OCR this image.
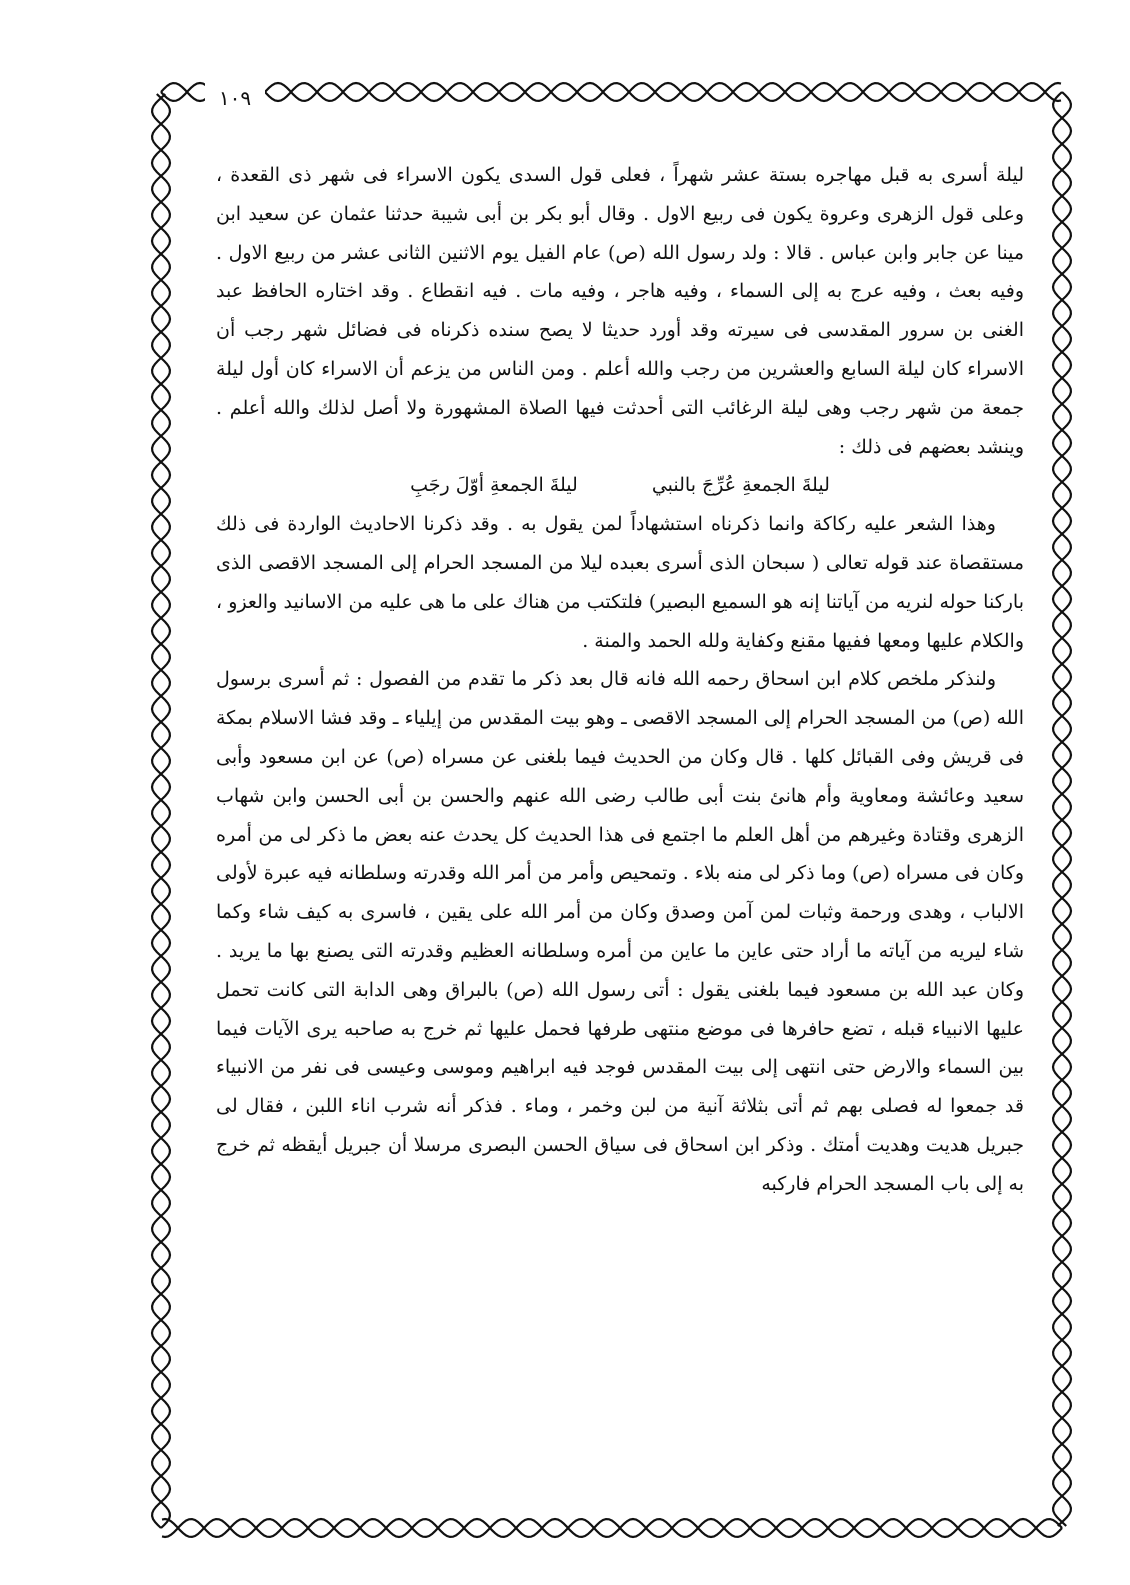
١٠٩

ليلة أسرى به قبل مهاجره بستة عشر شهراً ، فعلى قول السدى يكون الاسراء فى شهر ذى القعدة ، وعلى قول الزهرى وعروة يكون فى ربيع الاول . وقال أبو بكر بن أبى شيبة حدثنا عثمان عن سعيد ابن مينا عن جابر وابن عباس . قالا : ولد رسول الله (ص) عام الفيل يوم الاثنين الثانى عشر من ربيع الاول . وفيه بعث ، وفيه عرج به إلى السماء ، وفيه هاجر ، وفيه مات . فيه انقطاع . وقد اختاره الحافظ عبد الغنى بن سرور المقدسى فى سيرته وقد أورد حديثا لا يصح سنده ذكرناه فى فضائل شهر رجب أن الاسراء كان ليلة السابع والعشرين من رجب والله أعلم . ومن الناس من يزعم أن الاسراء كان أول ليلة جمعة من شهر رجب وهى ليلة الرغائب التى أحدثت فيها الصلاة المشهورة ولا أصل لذلك والله أعلم . وينشد بعضهم فى ذلك :

ليلةَ الجمعةِ عُرِّجَ بالنبي ليلةَ الجمعةِ أوّلَ رجَبِ

وهذا الشعر عليه ركاكة وانما ذكرناه استشهاداً لمن يقول به . وقد ذكرنا الاحاديث الواردة فى ذلك مستقصاة عند قوله تعالى ( سبحان الذى أسرى بعبده ليلا من المسجد الحرام إلى المسجد الاقصى الذى باركنا حوله لنريه من آياتنا إنه هو السميع البصير) فلتكتب من هناك على ما هى عليه من الاسانيد والعزو ، والكلام عليها ومعها ففيها مقنع وكفاية ولله الحمد والمنة .

ولنذكر ملخص كلام ابن اسحاق رحمه الله فانه قال بعد ذكر ما تقدم من الفصول : ثم أسرى برسول الله (ص) من المسجد الحرام إلى المسجد الاقصى ـ وهو بيت المقدس من إيلياء ـ وقد فشا الاسلام بمكة فى قريش وفى القبائل كلها . قال وكان من الحديث فيما بلغنى عن مسراه (ص) عن ابن مسعود وأبى سعيد وعائشة ومعاوية وأم هانئ بنت أبى طالب رضى الله عنهم والحسن بن أبى الحسن وابن شهاب الزهرى وقتادة وغيرهم من أهل العلم ما اجتمع فى هذا الحديث كل يحدث عنه بعض ما ذكر لى من أمره وكان فى مسراه (ص) وما ذكر لى منه بلاء . وتمحيص وأمر من أمر الله وقدرته وسلطانه فيه عبرة لأولى الالباب ، وهدى ورحمة وثبات لمن آمن وصدق وكان من أمر الله على يقين ، فاسرى به كيف شاء وكما شاء ليريه من آياته ما أراد حتى عاين ما عاين من أمره وسلطانه العظيم وقدرته التى يصنع بها ما يريد . وكان عبد الله بن مسعود فيما بلغنى يقول : أتى رسول الله (ص) بالبراق وهى الدابة التى كانت تحمل عليها الانبياء قبله ، تضع حافرها فى موضع منتهى طرفها فحمل عليها ثم خرج به صاحبه يرى الآيات فيما بين السماء والارض حتى انتهى إلى بيت المقدس فوجد فيه ابراهيم وموسى وعيسى فى نفر من الانبياء قد جمعوا له فصلى بهم ثم أتى بثلاثة آنية من لبن وخمر ، وماء . فذكر أنه شرب اناء اللبن ، فقال لى جبريل هديت وهديت أمتك . وذكر ابن اسحاق فى سياق الحسن البصرى مرسلا أن جبريل أيقظه ثم خرج به إلى باب المسجد الحرام فاركبه
